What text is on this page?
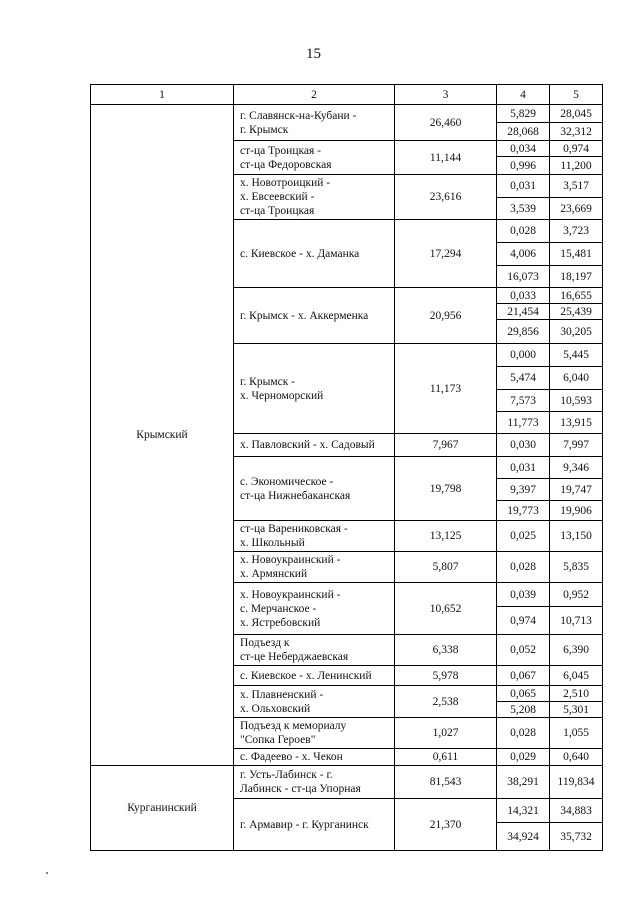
15
1	2	3	4	5
Крымский	г. Славянск-на-Кубани -
г. Крымск	26,460	5,829	28,045
			28,068	32,312

	ст-ца Троицкая -
ст-ца Федоровская	11,144	0,034	0,974
			0,996	11,200

	х. Новотроицкий -
х. Евсеевский -
ст-ца Троицкая	23,616	0,031	3,517
			3,539	23,669

	с. Киевское - х. Даманка	17,294	0,028	3,723
			4,006	15,481
			16,073	18,197

	г. Крымск - х. Аккерменка	20,956	0,033	16,655
			21,454	25,439
			29,856	30,205

	г. Крымск -
х. Черноморский	11,173	0,000	5,445
			5,474	6,040
			7,573	10,593
			11,773	13,915

	х. Павловский - х. Садовый	7,967	0,030	7,997

	с. Экономическое -
ст-ца Нижнебаканская	19,798	0,031	9,346
			9,397	19,747
			19,773	19,906

	ст-ца Варениковская -
х. Школьный	13,125	0,025	13,150

	х. Новоукраинский -
х. Армянский	5,807	0,028	5,835

	х. Новоукраинский -
с. Мерчанское -
х. Ястребовский	10,652	0,039	0,952
			0,974	10,713

	Подъезд к
ст-це Неберджаевская	6,338	0,052	6,390

	с. Киевское - х. Ленинский	5,978	0,067	6,045

	х. Плавненский -
х. Ольховский	2,538	0,065	2,510
			5,208	5,301

	Подъезд к мемориалу
"Сопка Героев"	1,027	0,028	1,055

	с. Фадеево - х. Чекон	0,611	0,029	0,640
Курганинский	г. Усть-Лабинск - г.
Лабинск - ст-ца Упорная	81,543	38,291	119,834

	г. Армавир - г. Курганинск	21,370	14,321	34,883
			34,924	35,732
